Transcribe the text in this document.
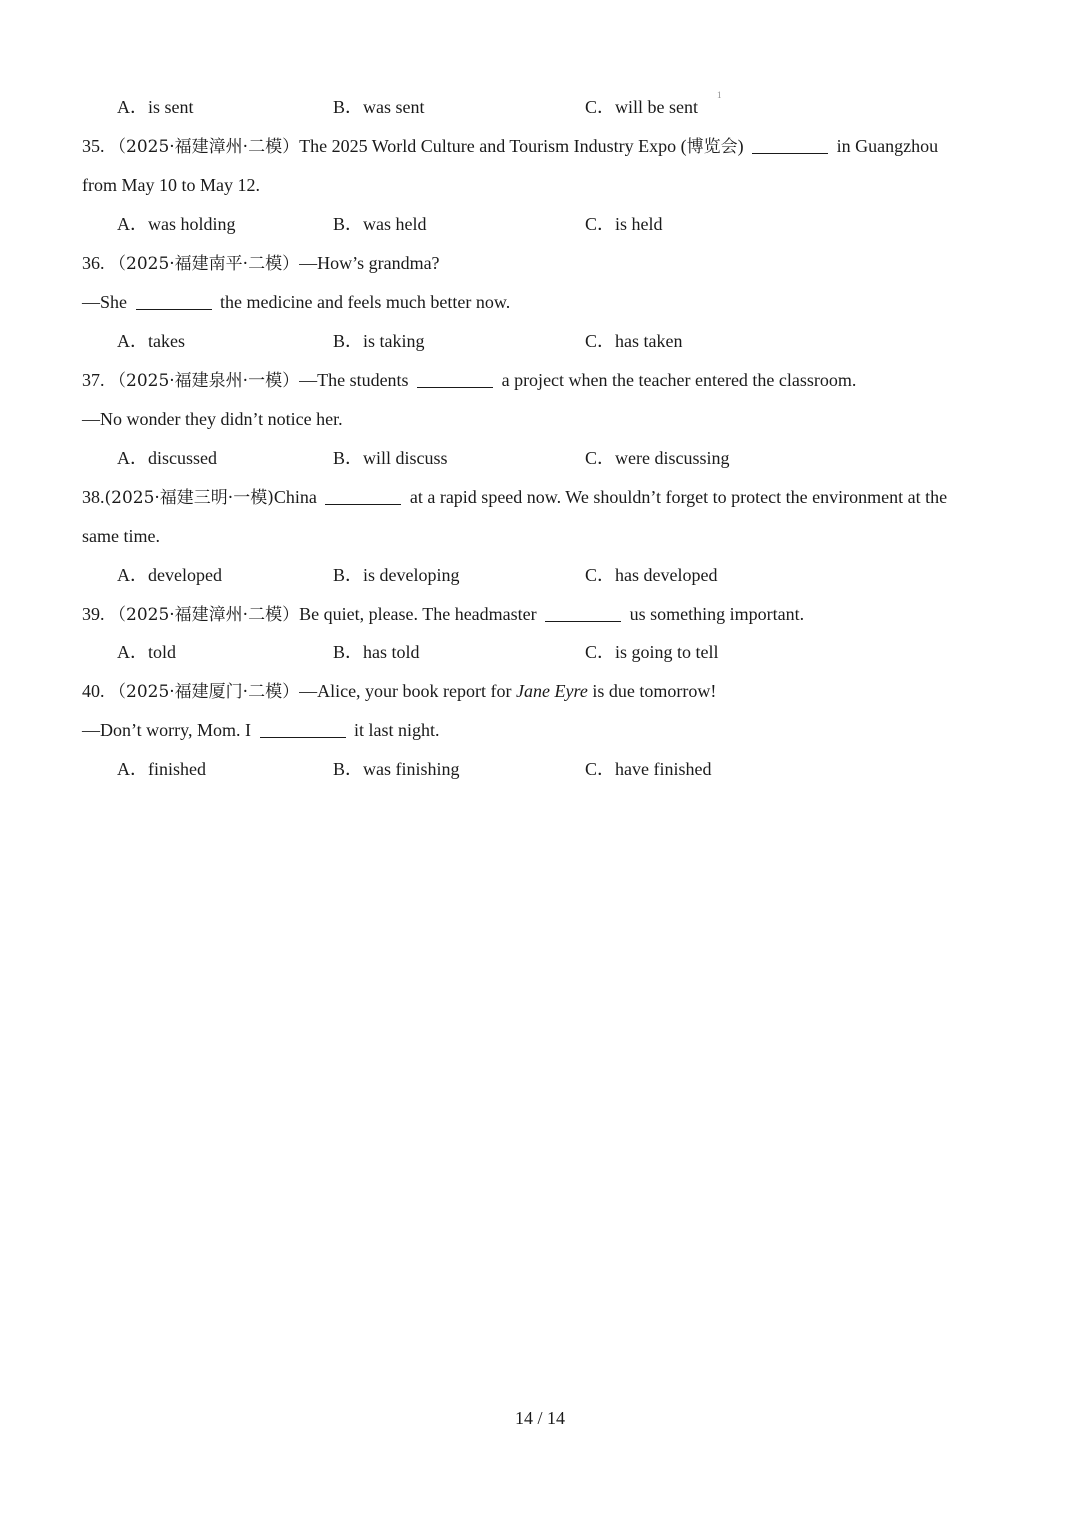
A．is sent	B．was sent	C．will be sent
1
35. （2025·福建漳州·二模）The 2025 World Culture and Tourism Industry Expo (博览会)	in Guangzhou
from May 10 to May 12.
A．was holding	B．was held	C．is held
36. （2025·福建南平·二模）—How’s grandma?
—She	the medicine and feels much better now.
A．takes	B．is taking	C．has taken
37. （2025·福建泉州·一模）—The students	a project when the teacher entered the classroom.
—No wonder they didn’t notice her.
A．discussed	B．will discuss	C．were discussing
38.(2025·福建三明·一模)China	at a rapid speed now. We shouldn’t forget to protect the environment at the
same time.
A．developed	B．is developing	C．has developed
39. （2025·福建漳州·二模）Be quiet, please. The headmaster	us something important.
A．told	B．has told	C．is going to tell
40. （2025·福建厦门·二模）—Alice, your book report for Jane Eyre is due tomorrow!
—Don’t worry, Mom. I	it last night.
A．finished	B．was finishing	C．have finished
14 / 14
